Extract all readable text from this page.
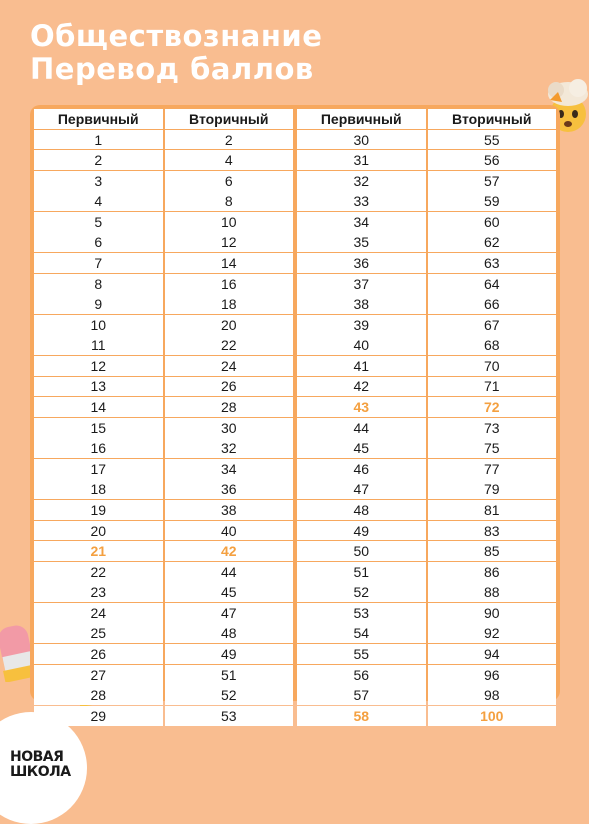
Обществознание
Перевод баллов
НОВАЯ
ШКОЛА
Первичный	Вторичный
1	2
2	4
3	6
4	8
5	10
6	12
7	14
8	16
9	18
10	20
11	22
12	24
13	26
14	28
15	30
16	32
17	34
18	36
19	38
20	40
21	42
22	44
23	45
24	47
25	48
26	49
27	51
28	52
29	53
Первичный	Вторичный
30	55
31	56
32	57
33	59
34	60
35	62
36	63
37	64
38	66
39	67
40	68
41	70
42	71
43	72
44	73
45	75
46	77
47	79
48	81
49	83
50	85
51	86
52	88
53	90
54	92
55	94
56	96
57	98
58	100
